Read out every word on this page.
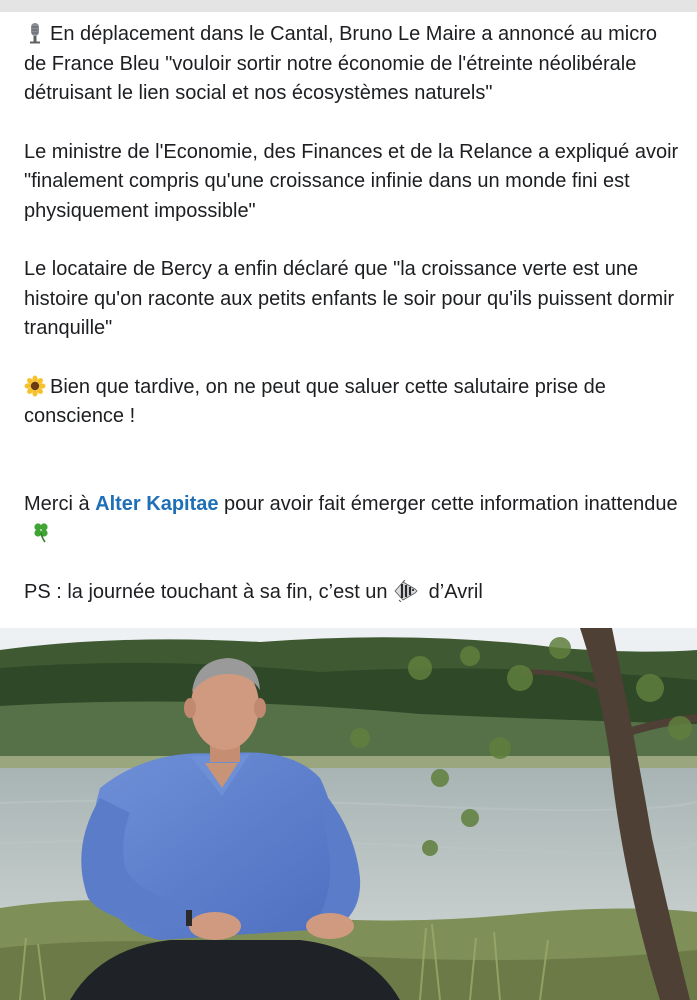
En déplacement dans le Cantal, Bruno Le Maire a annoncé au micro de France Bleu "vouloir sortir notre économie de l'étreinte néolibérale détruisant le lien social et nos écosystèmes naturels"

Le ministre de l'Economie, des Finances et de la Relance a expliqué avoir "finalement compris qu'une croissance infinie dans un monde fini est physiquement impossible"

Le locataire de Bercy a enfin déclaré que "la croissance verte est une histoire qu'on raconte aux petits enfants le soir pour qu'ils puissent dormir tranquille"

Bien que tardive, on ne peut que saluer cette salutaire prise de conscience !

Merci à Alter Kapitae pour avoir fait émerger cette information inattendue

PS : la journée touchant à sa fin, c’est un  d’Avril
